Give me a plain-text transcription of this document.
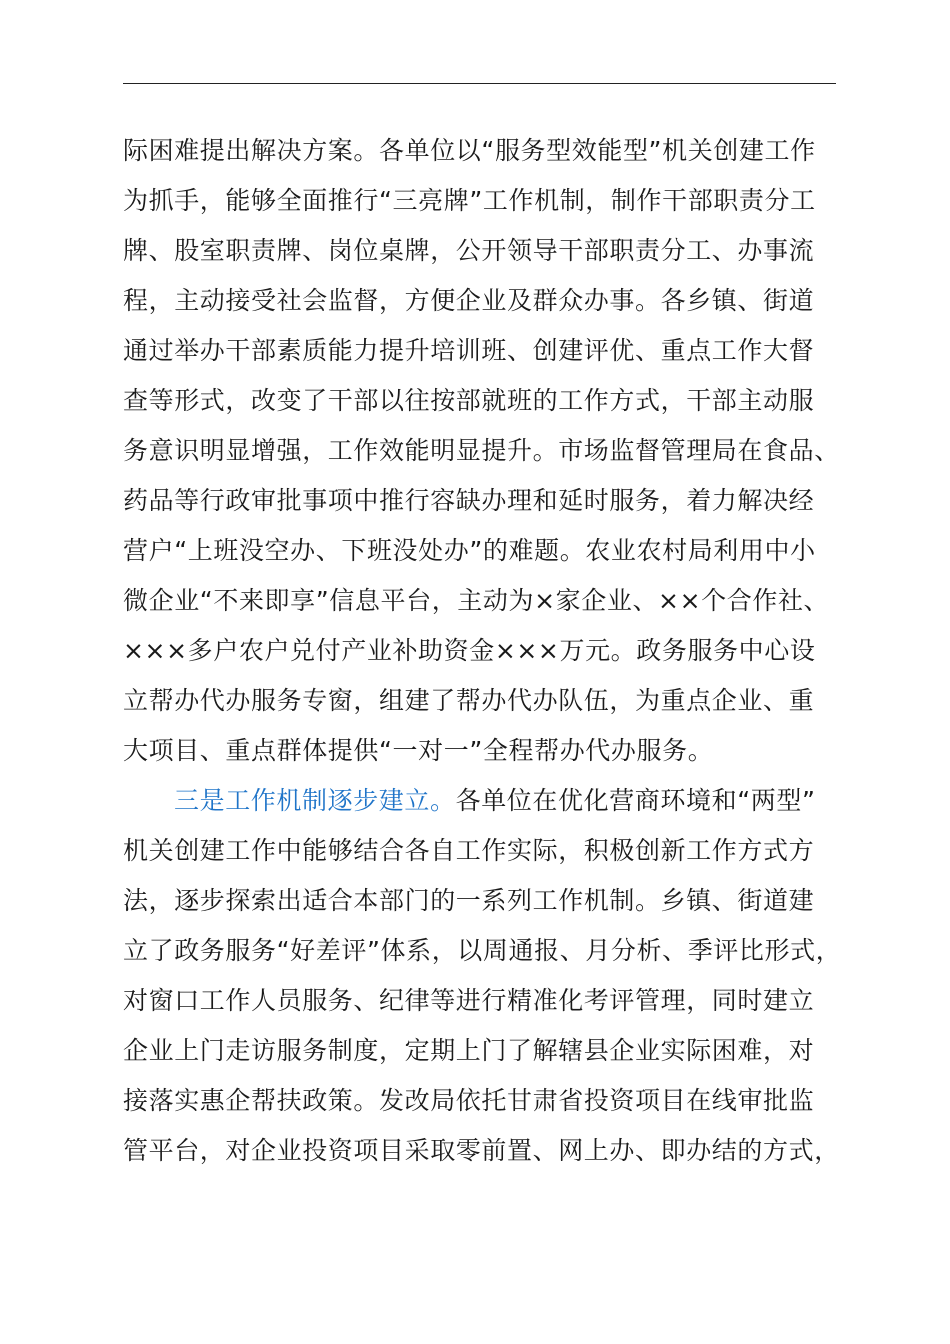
际困难提出解决方案。各单位以“服务型效能型”机关创建工作
为抓手，能够全面推行“三亮牌”工作机制，制作干部职责分工
牌、股室职责牌、岗位桌牌，公开领导干部职责分工、办事流
程，主动接受社会监督，方便企业及群众办事。各乡镇、街道
通过举办干部素质能力提升培训班、创建评优、重点工作大督
查等形式，改变了干部以往按部就班的工作方式，干部主动服
务意识明显增强，工作效能明显提升。市场监督管理局在食品、
药品等行政审批事项中推行容缺办理和延时服务，着力解决经
营户“上班没空办、下班没处办”的难题。农业农村局利用中小
微企业“不来即享”信息平台，主动为×家企业、××个合作社、
×××多户农户兑付产业补助资金×××万元。政务服务中心设
立帮办代办服务专窗，组建了帮办代办队伍，为重点企业、重
大项目、重点群体提供“一对一”全程帮办代办服务。
三是工作机制逐步建立。各单位在优化营商环境和“两型”
机关创建工作中能够结合各自工作实际，积极创新工作方式方
法，逐步探索出适合本部门的一系列工作机制。乡镇、街道建
立了政务服务“好差评”体系，以周通报、月分析、季评比形式，
对窗口工作人员服务、纪律等进行精准化考评管理，同时建立
企业上门走访服务制度，定期上门了解辖县企业实际困难，对
接落实惠企帮扶政策。发改局依托甘肃省投资项目在线审批监
管平台，对企业投资项目采取零前置、网上办、即办结的方式，
